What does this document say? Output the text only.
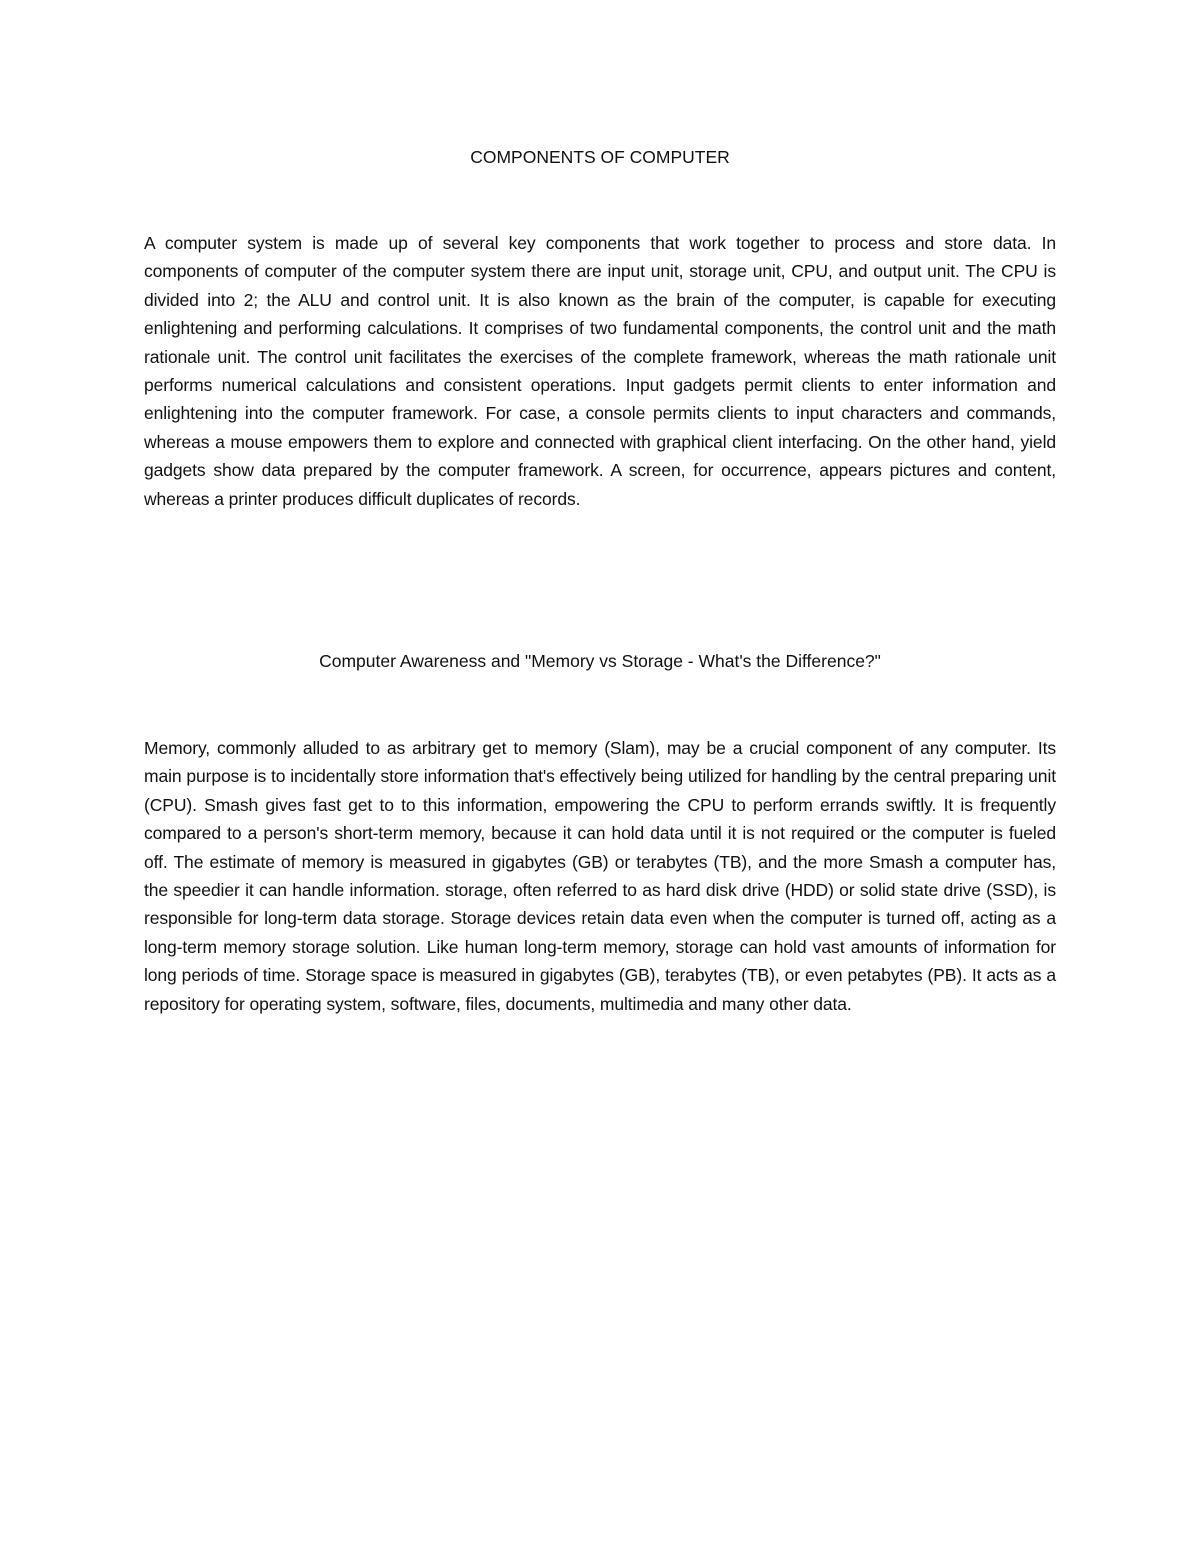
COMPONENTS OF COMPUTER

A computer system is made up of several key components that work together to process and store data. In components of computer of the computer system there are input unit, storage unit, CPU, and output unit. The CPU is divided into 2; the ALU and control unit. It is also known as the brain of the computer, is capable for executing enlightening and performing calculations. It comprises of two fundamental components, the control unit and the math rationale unit. The control unit facilitates the exercises of the complete framework, whereas the math rationale unit performs numerical calculations and consistent operations. Input gadgets permit clients to enter information and enlightening into the computer framework. For case, a console permits clients to input characters and commands, whereas a mouse empowers them to explore and connected with graphical client interfacing. On the other hand, yield gadgets show data prepared by the computer framework. A screen, for occurrence, appears pictures and content, whereas a printer produces difficult duplicates of records.

Computer Awareness and "Memory vs Storage - What's the Difference?"

Memory, commonly alluded to as arbitrary get to memory (Slam), may be a crucial component of any computer. Its main purpose is to incidentally store information that's effectively being utilized for handling by the central preparing unit (CPU). Smash gives fast get to to this information, empowering the CPU to perform errands swiftly. It is frequently compared to a person's short-term memory, because it can hold data until it is not required or the computer is fueled off. The estimate of memory is measured in gigabytes (GB) or terabytes (TB), and the more Smash a computer has, the speedier it can handle information. storage, often referred to as hard disk drive (HDD) or solid state drive (SSD), is responsible for long-term data storage. Storage devices retain data even when the computer is turned off, acting as a long-term memory storage solution. Like human long-term memory, storage can hold vast amounts of information for long periods of time. Storage space is measured in gigabytes (GB), terabytes (TB), or even petabytes (PB). It acts as a repository for operating system, software, files, documents, multimedia and many other data.
